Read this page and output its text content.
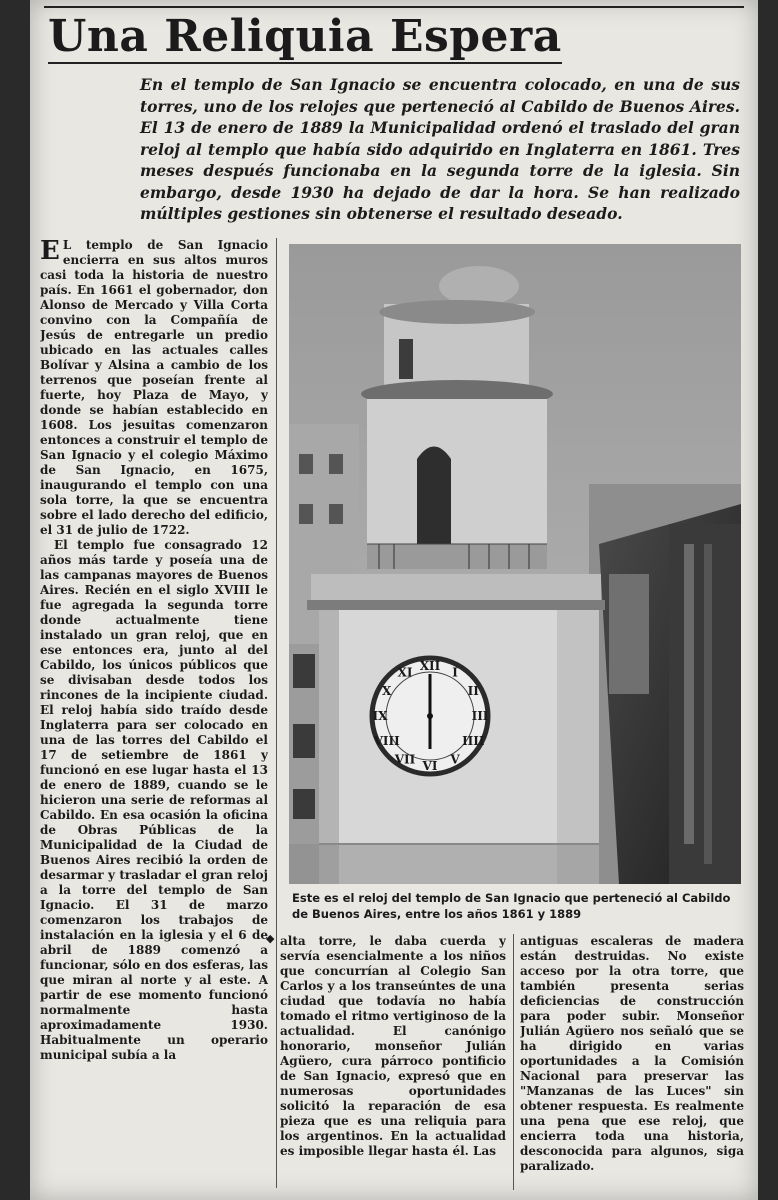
Una Reliquia Espera

En el templo de San Ignacio se encuentra colocado, en una de sus torres, uno de los relojes que perteneció al Cabildo de Buenos Aires. El 13 de enero de 1889 la Municipalidad ordenó el traslado del gran reloj al templo que había sido adquirido en Inglaterra en 1861. Tres meses después funcionaba en la segunda torre de la iglesia. Sin embargo, desde 1930 ha dejado de dar la hora. Se han realizado múltiples gestiones sin obtenerse el resultado deseado.

E L templo de San Ignacio encierra en sus altos muros casi toda la historia de nuestro país. En 1661 el gobernador, don Alonso de Mercado y Villa Corta convino con la Compañía de Jesús de entregarle un predio ubicado en las actuales calles Bolívar y Alsina a cambio de los terrenos que poseían frente al fuerte, hoy Plaza de Mayo, y donde se habían establecido en 1608. Los jesuitas comenzaron entonces a construir el templo de San Ignacio y el colegio Máximo de San Ignacio, en 1675, inaugurando el templo con una sola torre, la que se encuentra sobre el lado derecho del edificio, el 31 de julio de 1722.

El templo fue consagrado 12 años más tarde y poseía una de las campanas mayores de Buenos Aires. Recién en el siglo XVIII le fue agregada la segunda torre donde actualmente tiene instalado un gran reloj, que en ese entonces era, junto al del Cabildo, los únicos públicos que se divisaban desde todos los rincones de la incipiente ciudad. El reloj había sido traído desde Inglaterra para ser colocado en una de las torres del Cabildo el 17 de setiembre de 1861 y funcionó en ese lugar hasta el 13 de enero de 1889, cuando se le hicieron una serie de reformas al Cabildo. En esa ocasión la oficina de Obras Públicas de la Municipalidad de la Ciudad de Buenos Aires recibió la orden de desarmar y trasladar el gran reloj a la torre del templo de San Ignacio. El 31 de marzo comenzaron los trabajos de instalación en la iglesia y el 6 de abril de 1889 comenzó a funcionar, sólo en dos esferas, las que miran al norte y al este. A partir de ese momento funcionó normalmente hasta aproximadamente 1930. Habitualmente un operario municipal subía a la

XII I
II
III
IIII
V
VI
VII
VIII
IX
X
XI

Este es el reloj del templo de San Ignacio que perteneció al Cabildo de Buenos Aires, entre los años 1861 y 1889

◆ alta torre, le daba cuerda y servía esencialmente a los niños que concurrían al Colegio San Carlos y a los transeúntes de una ciudad que todavía no había tomado el ritmo vertiginoso de la actualidad. El canónigo honorario, monseñor Julián Agüero, cura párroco pontificio de San Ignacio, expresó que en numerosas oportunidades solicitó la reparación de esa pieza que es una reliquia para los argentinos. En la actualidad es imposible llegar hasta él. Las

antiguas escaleras de madera están destruidas. No existe acceso por la otra torre, que también presenta serias deficiencias de construcción para poder subir. Monseñor Julián Agüero nos señaló que se ha dirigido en varias oportunidades a la Comisión Nacional para preservar las "Manzanas de las Luces" sin obtener respuesta. Es realmente una pena que ese reloj, que encierra toda una historia, desconocida para algunos, siga paralizado.
